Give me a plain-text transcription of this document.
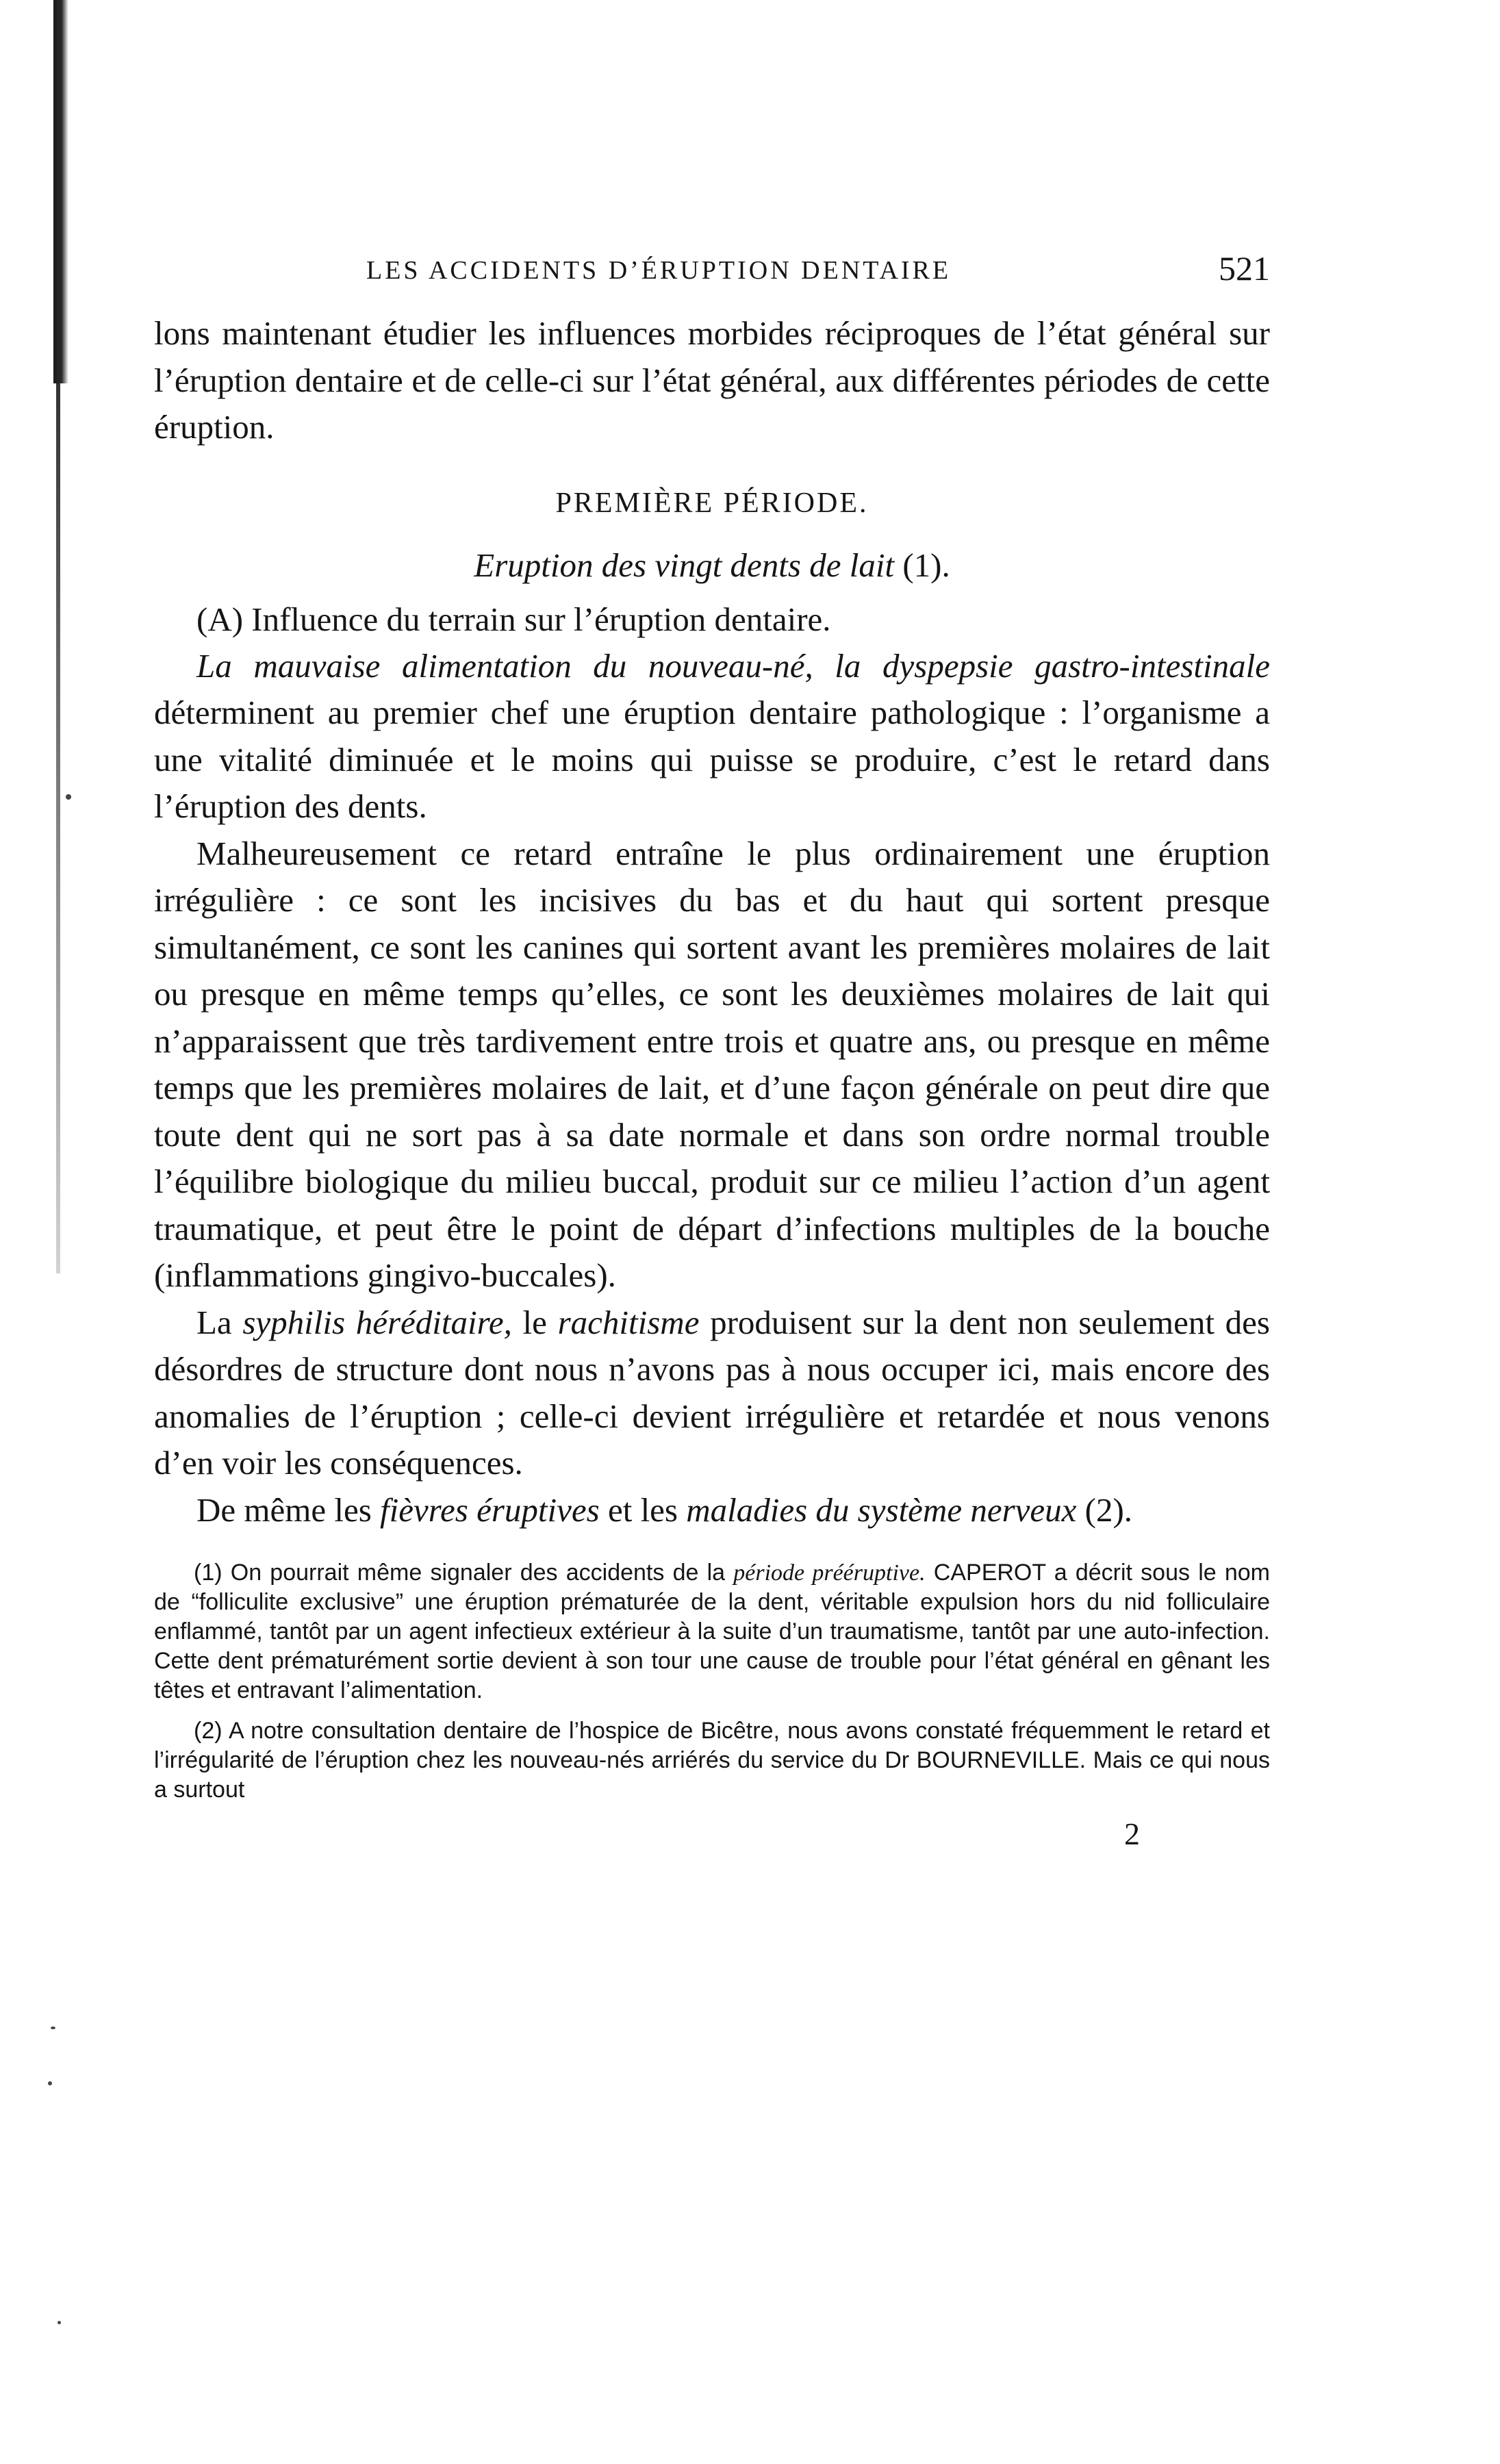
LES ACCIDENTS D’ÉRUPTION DENTAIRE	521

lons maintenant étudier les influences morbides réciproques de l’état général sur l’éruption dentaire et de celle-ci sur l’état général, aux différentes périodes de cette éruption.

PREMIÈRE PÉRIODE.
Eruption des vingt dents de lait (1).
(A) Influence du terrain sur l’éruption dentaire.

La mauvaise alimentation du nouveau-né, la dyspepsie gastro-intestinale déterminent au premier chef une éruption dentaire pathologique : l’organisme a une vitalité diminuée et le moins qui puisse se produire, c’est le retard dans l’éruption des dents.

Malheureusement ce retard entraîne le plus ordinairement une éruption irrégulière : ce sont les incisives du bas et du haut qui sortent presque simultanément, ce sont les canines qui sortent avant les premières molaires de lait ou presque en même temps qu’elles, ce sont les deuxièmes molaires de lait qui n’apparaissent que très tardivement entre trois et quatre ans, ou presque en même temps que les premières molaires de lait, et d’une façon générale on peut dire que toute dent qui ne sort pas à sa date normale et dans son ordre normal trouble l’équilibre biologique du milieu buccal, produit sur ce milieu l’action d’un agent traumatique, et peut être le point de départ d’infections multiples de la bouche (inflammations gingivo-buccales).

La syphilis héréditaire, le rachitisme produisent sur la dent non seulement des désordres de structure dont nous n’avons pas à nous occuper ici, mais encore des anomalies de l’éruption ; celle-ci devient irrégulière et retardée et nous venons d’en voir les conséquences.

De même les fièvres éruptives et les maladies du système nerveux (2).

(1) On pourrait même signaler des accidents de la période prééruptive. CAPEROT a décrit sous le nom de “folliculite exclusive” une éruption prématurée de la dent, véritable expulsion hors du nid folliculaire enflammé, tantôt par un agent infectieux extérieur à la suite d’un traumatisme, tantôt par une auto-infection. Cette dent prématurément sortie devient à son tour une cause de trouble pour l’état général en gênant les têtes et entravant l’alimentation.

(2) A notre consultation dentaire de l’hospice de Bicêtre, nous avons constaté fréquemment le retard et l’irrégularité de l’éruption chez les nouveau-nés arriérés du service du Dr BOURNEVILLE. Mais ce qui nous a surtout

2
